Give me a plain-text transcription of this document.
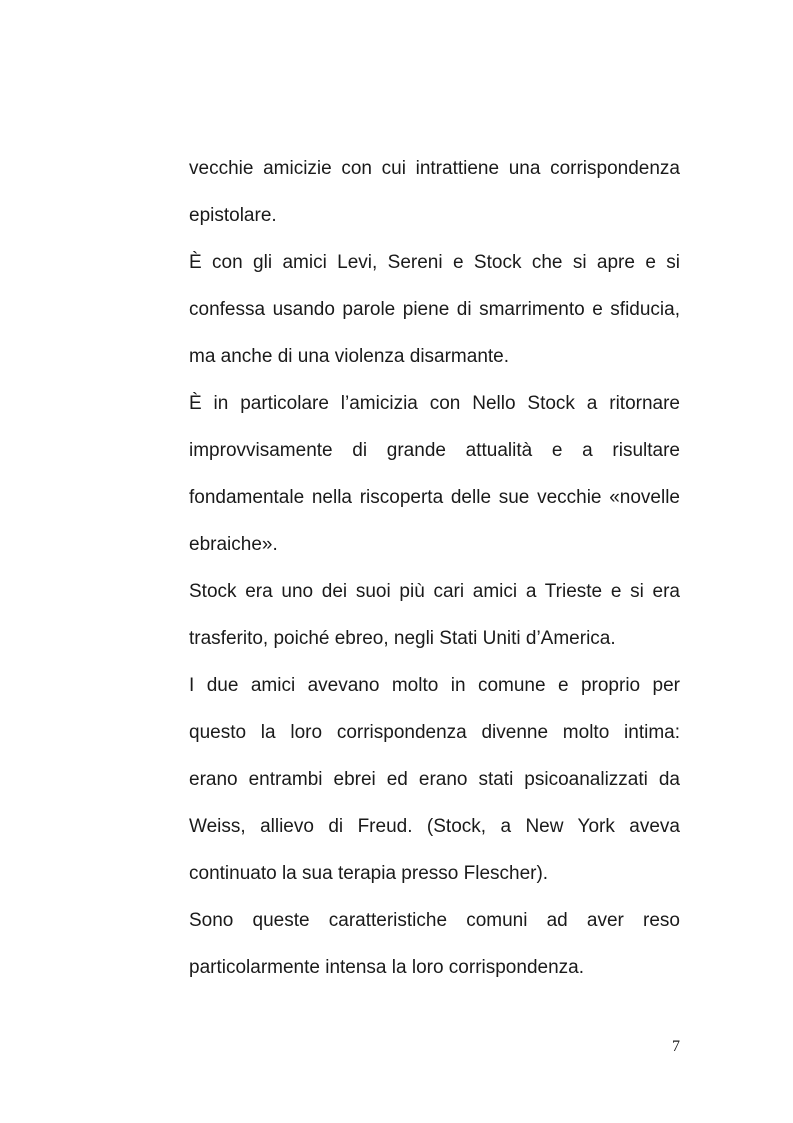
vecchie amicizie con cui intrattiene una corrispondenza
epistolare.
È con gli amici Levi, Sereni e Stock che si apre e si
confessa usando parole piene di smarrimento e sfiducia,
ma anche di una violenza disarmante.
È in particolare l’amicizia con Nello Stock a ritornare
improvvisamente di grande attualità e a risultare
fondamentale nella riscoperta delle sue vecchie «novelle
ebraiche».
Stock era uno dei suoi più cari amici a Trieste e si era
trasferito, poiché ebreo, negli Stati Uniti d’America.
I due amici avevano molto in comune e proprio per
questo la loro corrispondenza divenne molto intima:
erano entrambi ebrei ed erano stati psicoanalizzati da
Weiss, allievo di Freud. (Stock, a New York aveva
continuato la sua terapia presso Flescher).
Sono queste caratteristiche comuni ad aver reso
particolarmente intensa la loro corrispondenza.
7
